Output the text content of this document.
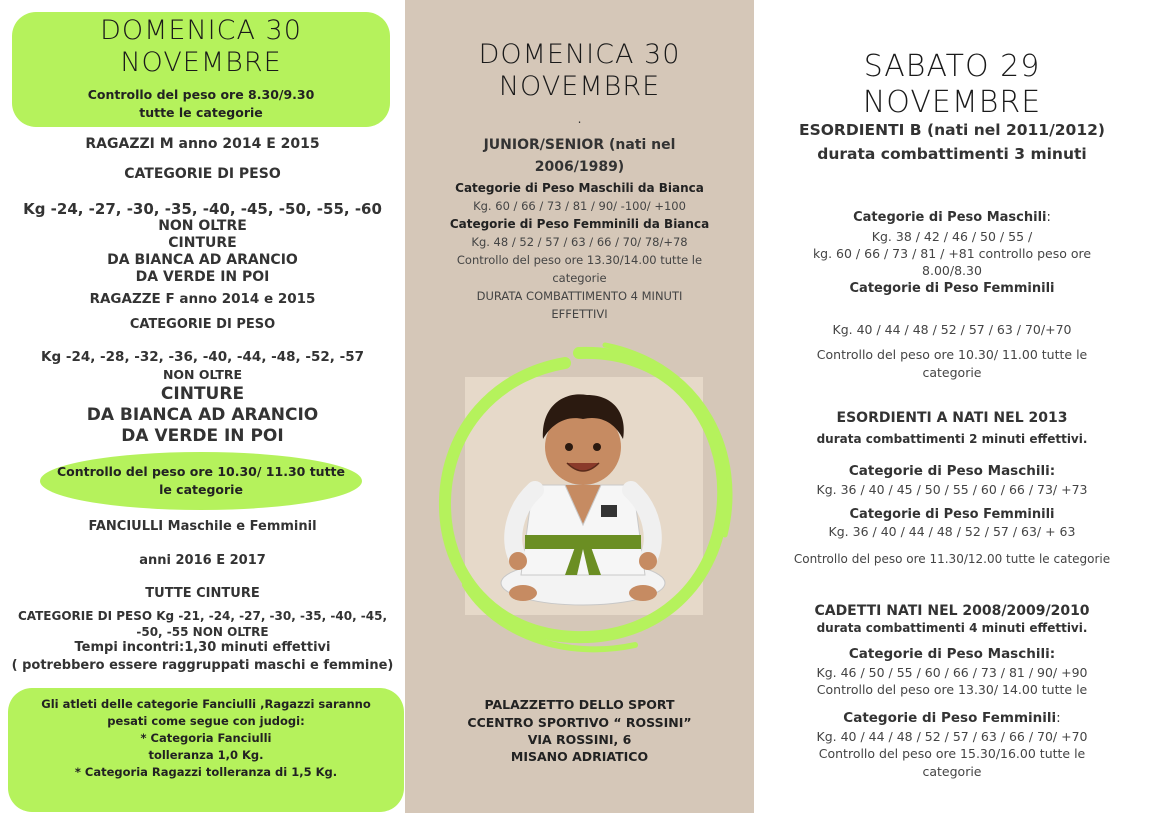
DOMENICA 30
NOVEMBRE
Controllo del peso ore 8.30/9.30
tutte le categorie
RAGAZZI M anno 2014 E 2015
CATEGORIE DI PESO
Kg -24, -27, -30, -35, -40, -45, -50, -55, -60
NON OLTRE
CINTURE
DA BIANCA AD ARANCIO
DA VERDE IN POI
RAGAZZE F anno 2014 e 2015
CATEGORIE DI PESO
Kg -24, -28, -32, -36, -40, -44, -48, -52, -57
NON OLTRE
CINTURE
DA BIANCA AD ARANCIO
DA VERDE IN POI
Controllo del peso ore 10.30/ 11.30 tutte
le categorie
FANCIULLI Maschile e Femminil
anni 2016 E 2017
TUTTE CINTURE
CATEGORIE DI PESO Kg -21, -24, -27, -30, -35, -40, -45,
-50, -55 NON OLTRE
Tempi incontri:1,30 minuti effettivi
( potrebbero essere raggruppati maschi e femmine)
Gli atleti delle categorie Fanciulli ,Ragazzi saranno
pesati come segue con judogi:
* Categoria Fanciulli
tolleranza 1,0 Kg.
* Categoria Ragazzi tolleranza di 1,5 Kg.
DOMENICA 30
NOVEMBRE
.
JUNIOR/SENIOR (nati nel
2006/1989)
Categorie di Peso Maschili da Bianca
Kg. 60 / 66 / 73 / 81 / 90/ -100/ +100
Categorie di Peso Femminili da Bianca
Kg. 48 / 52 / 57 / 63 / 66 / 70/ 78/+78
Controllo del peso ore 13.30/14.00 tutte le
categorie
DURATA COMBATTIMENTO 4 MINUTI
EFFETTIVI
PALAZZETTO DELLO SPORT
CCENTRO SPORTIVO “ ROSSINI”
VIA ROSSINI, 6
MISANO ADRIATICO
SABATO 29
NOVEMBRE
ESORDIENTI B (nati nel 2011/2012)
durata combattimenti 3 minuti
Categorie di Peso Maschili:
Kg. 38 / 42 / 46 / 50 / 55 /
kg. 60 / 66 / 73 / 81 / +81 controllo peso ore
8.00/8.30
Categorie di Peso Femminili
Kg. 40 / 44 / 48 / 52 / 57 / 63 / 70/+70
Controllo del peso ore 10.30/ 11.00 tutte le
categorie
ESORDIENTI A NATI NEL 2013
durata combattimenti 2 minuti effettivi.
Categorie di Peso Maschili:
Kg. 36 / 40 / 45 / 50 / 55 / 60 / 66 / 73/ +73
Categorie di Peso Femminili
Kg. 36 / 40 / 44 / 48 / 52 / 57 / 63/ + 63
Controllo del peso ore 11.30/12.00 tutte le categorie
CADETTI NATI NEL 2008/2009/2010
durata combattimenti 4 minuti effettivi.
Categorie di Peso Maschili:
Kg. 46 / 50 / 55 / 60 / 66 / 73 / 81 / 90/ +90
Controllo del peso ore 13.30/ 14.00 tutte le
Categorie di Peso Femminili:
Kg. 40 / 44 / 48 / 52 / 57 / 63 / 66 / 70/ +70
Controllo del peso ore 15.30/16.00 tutte le
categorie
